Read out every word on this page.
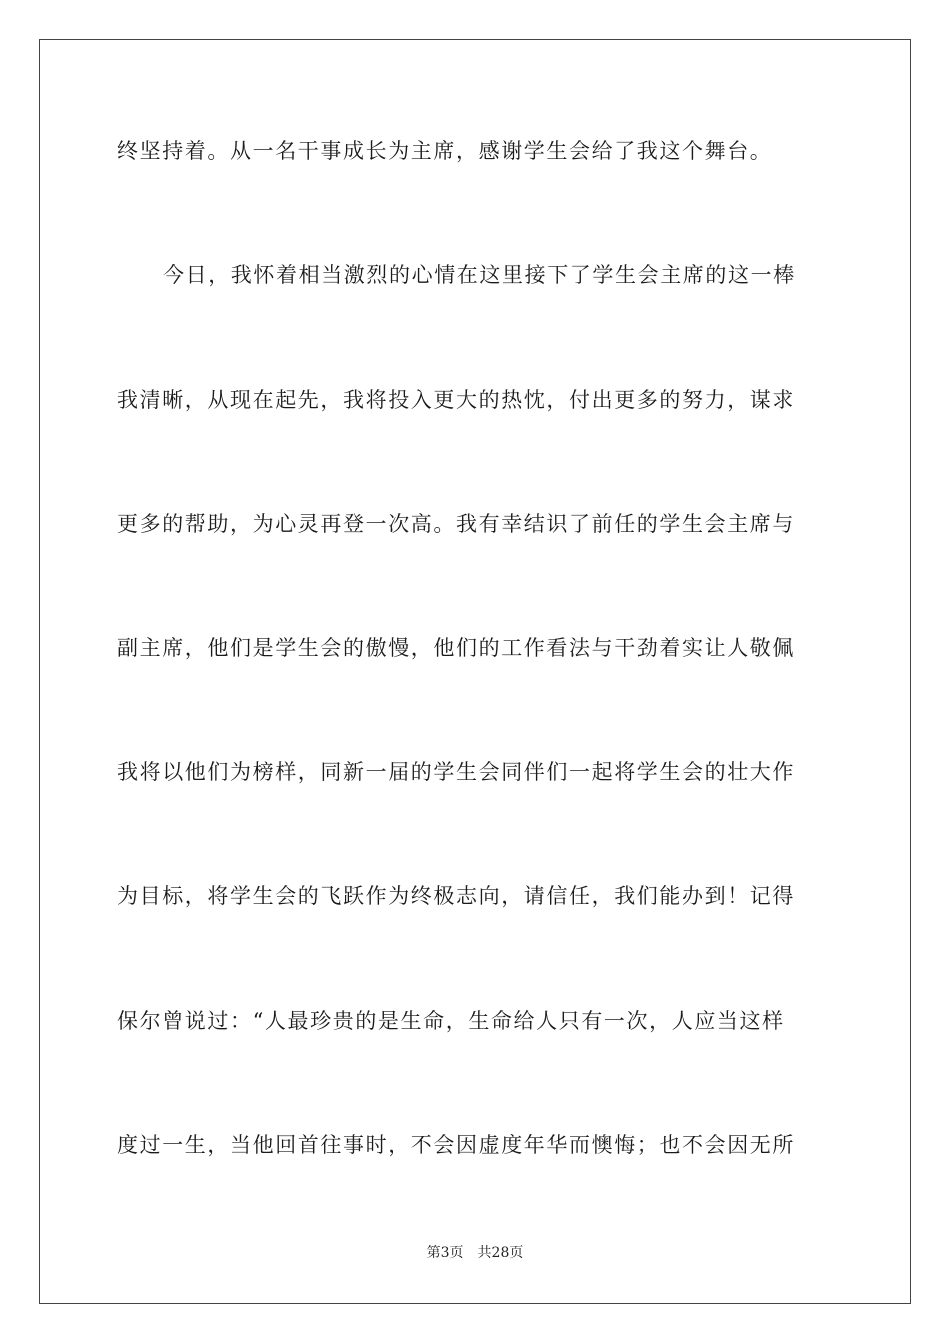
终坚持着。从一名干事成长为主席，感谢学生会给了我这个舞台。
今日，我怀着相当激烈的心情在这里接下了学生会主席的这一棒
我清晰，从现在起先，我将投入更大的热忱，付出更多的努力，谋求
更多的帮助，为心灵再登一次高。我有幸结识了前任的学生会主席与
副主席，他们是学生会的傲慢，他们的工作看法与干劲着实让人敬佩
我将以他们为榜样，同新一届的学生会同伴们一起将学生会的壮大作
为目标，将学生会的飞跃作为终极志向，请信任，我们能办到！记得
保尔曾说过：“人最珍贵的是生命，生命给人只有一次，人应当这样
度过一生，当他回首往事时，不会因虚度年华而懊悔；也不会因无所
第3页 共28页
